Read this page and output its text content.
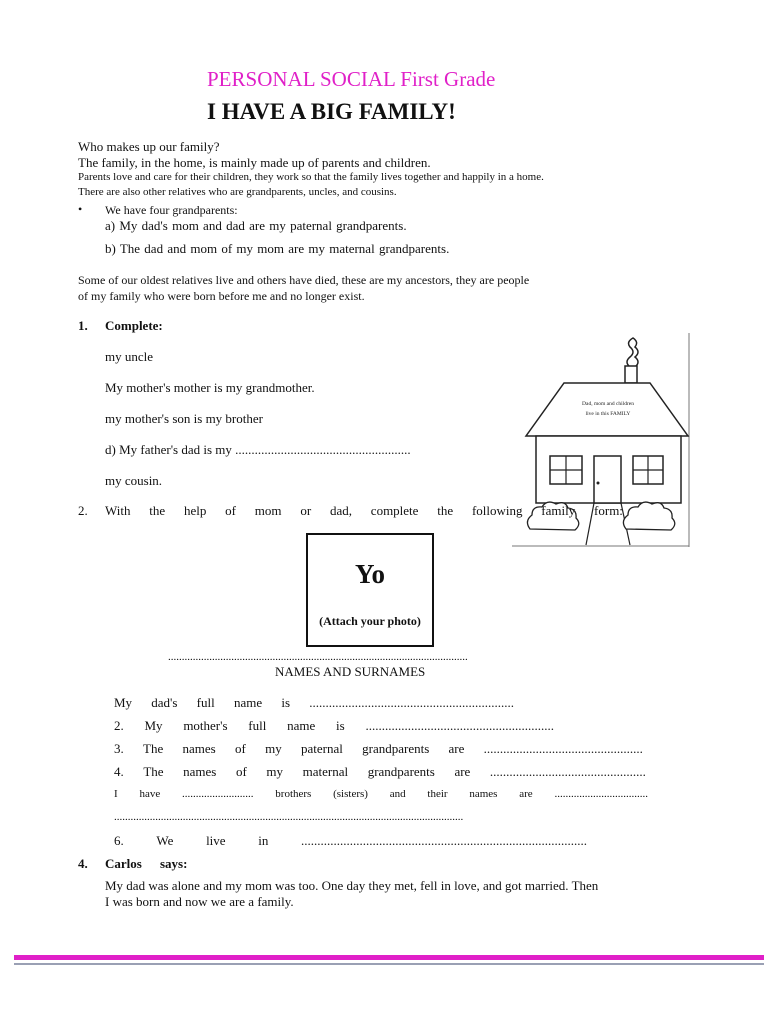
PERSONAL SOCIAL First Grade
I HAVE A BIG FAMILY!
Who makes up our family?
The family, in the home, is mainly made up of parents and children.
Parents love and care for their children, they work so that the family lives together and happily in a home.
There are also other relatives who are grandparents, uncles, and cousins.
• We have four grandparents:
a) My dad's mom and dad are my paternal grandparents.
b) The dad and mom of my mom are my maternal grandparents.
Some of our oldest relatives live and others have died, these are my ancestors, they are people
of my family who were born before me and no longer exist.
1. Complete:
my uncle
My mother's mother is my grandmother.
my mother's son is my brother
d) My father's dad is my ......................................................
my cousin.
Dad, mom and children
live in this FAMILY
2. With the help of mom or dad, complete the following family form:
Yo
(Attach your photo)
.............................................................................................................
NAMES AND SURNAMES
My dad's full name is ...............................................................
2. My mother's full name is ..........................................................
3. The names of my paternal grandparents are .................................................
4. The names of my maternal grandparents are ................................................
I have .......................... brothers (sisters) and their names are ..................................
...............................................................................................................................
6.	We	live	in	........................................................................................
4. Carlos says:
My dad was alone and my mom was too. One day they met, fell in love, and got married. Then
I was born and now we are a family.
